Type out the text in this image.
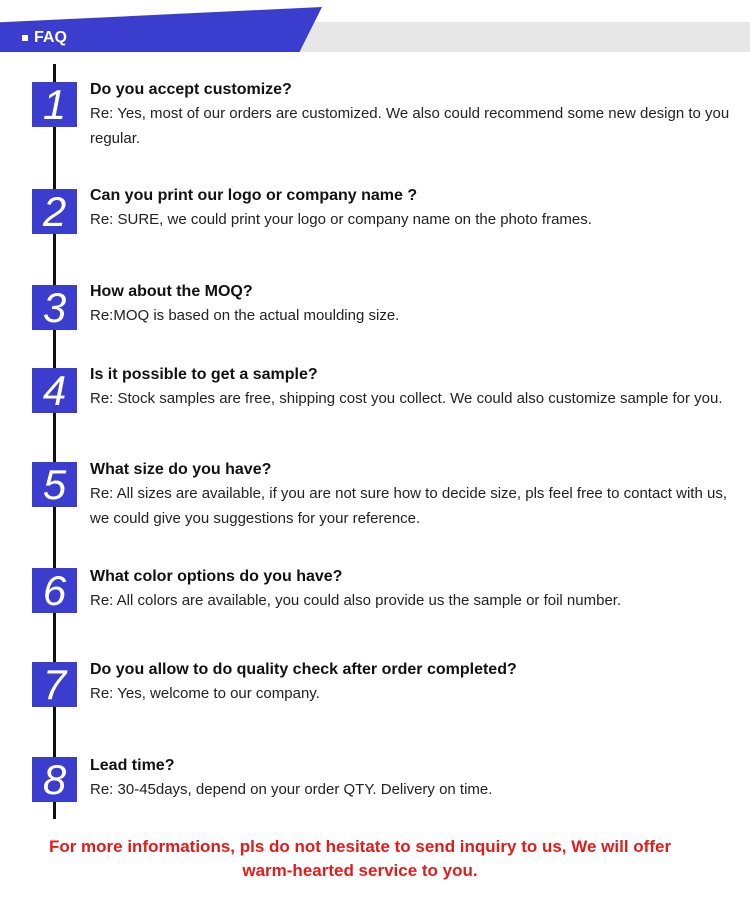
FAQ
1	Do you accept customize?
Re: Yes, most of our orders are customized. We also could recommend some new design to you regular.
2	Can you print our logo or company name ?
Re: SURE, we could print your logo or company name on the photo frames.
3	How about the MOQ?
Re:MOQ is based on the actual moulding size.
4	Is it possible to get a sample?
Re: Stock samples are free, shipping cost you collect. We could also customize sample for you.
5	What size do you have?
Re: All sizes are available, if you are not sure how to decide size, pls feel free to contact with us, we could give you suggestions for your reference.
6	What color options do you have?
Re: All colors are available, you could also provide us the sample or foil number.
7	Do you allow to do quality check after order completed?
Re: Yes, welcome to our company.
8	Lead time?
Re: 30-45days, depend on your order QTY. Delivery on time.
For more informations, pls do not hesitate to send inquiry to us, We will offer
warm-hearted service to you.
